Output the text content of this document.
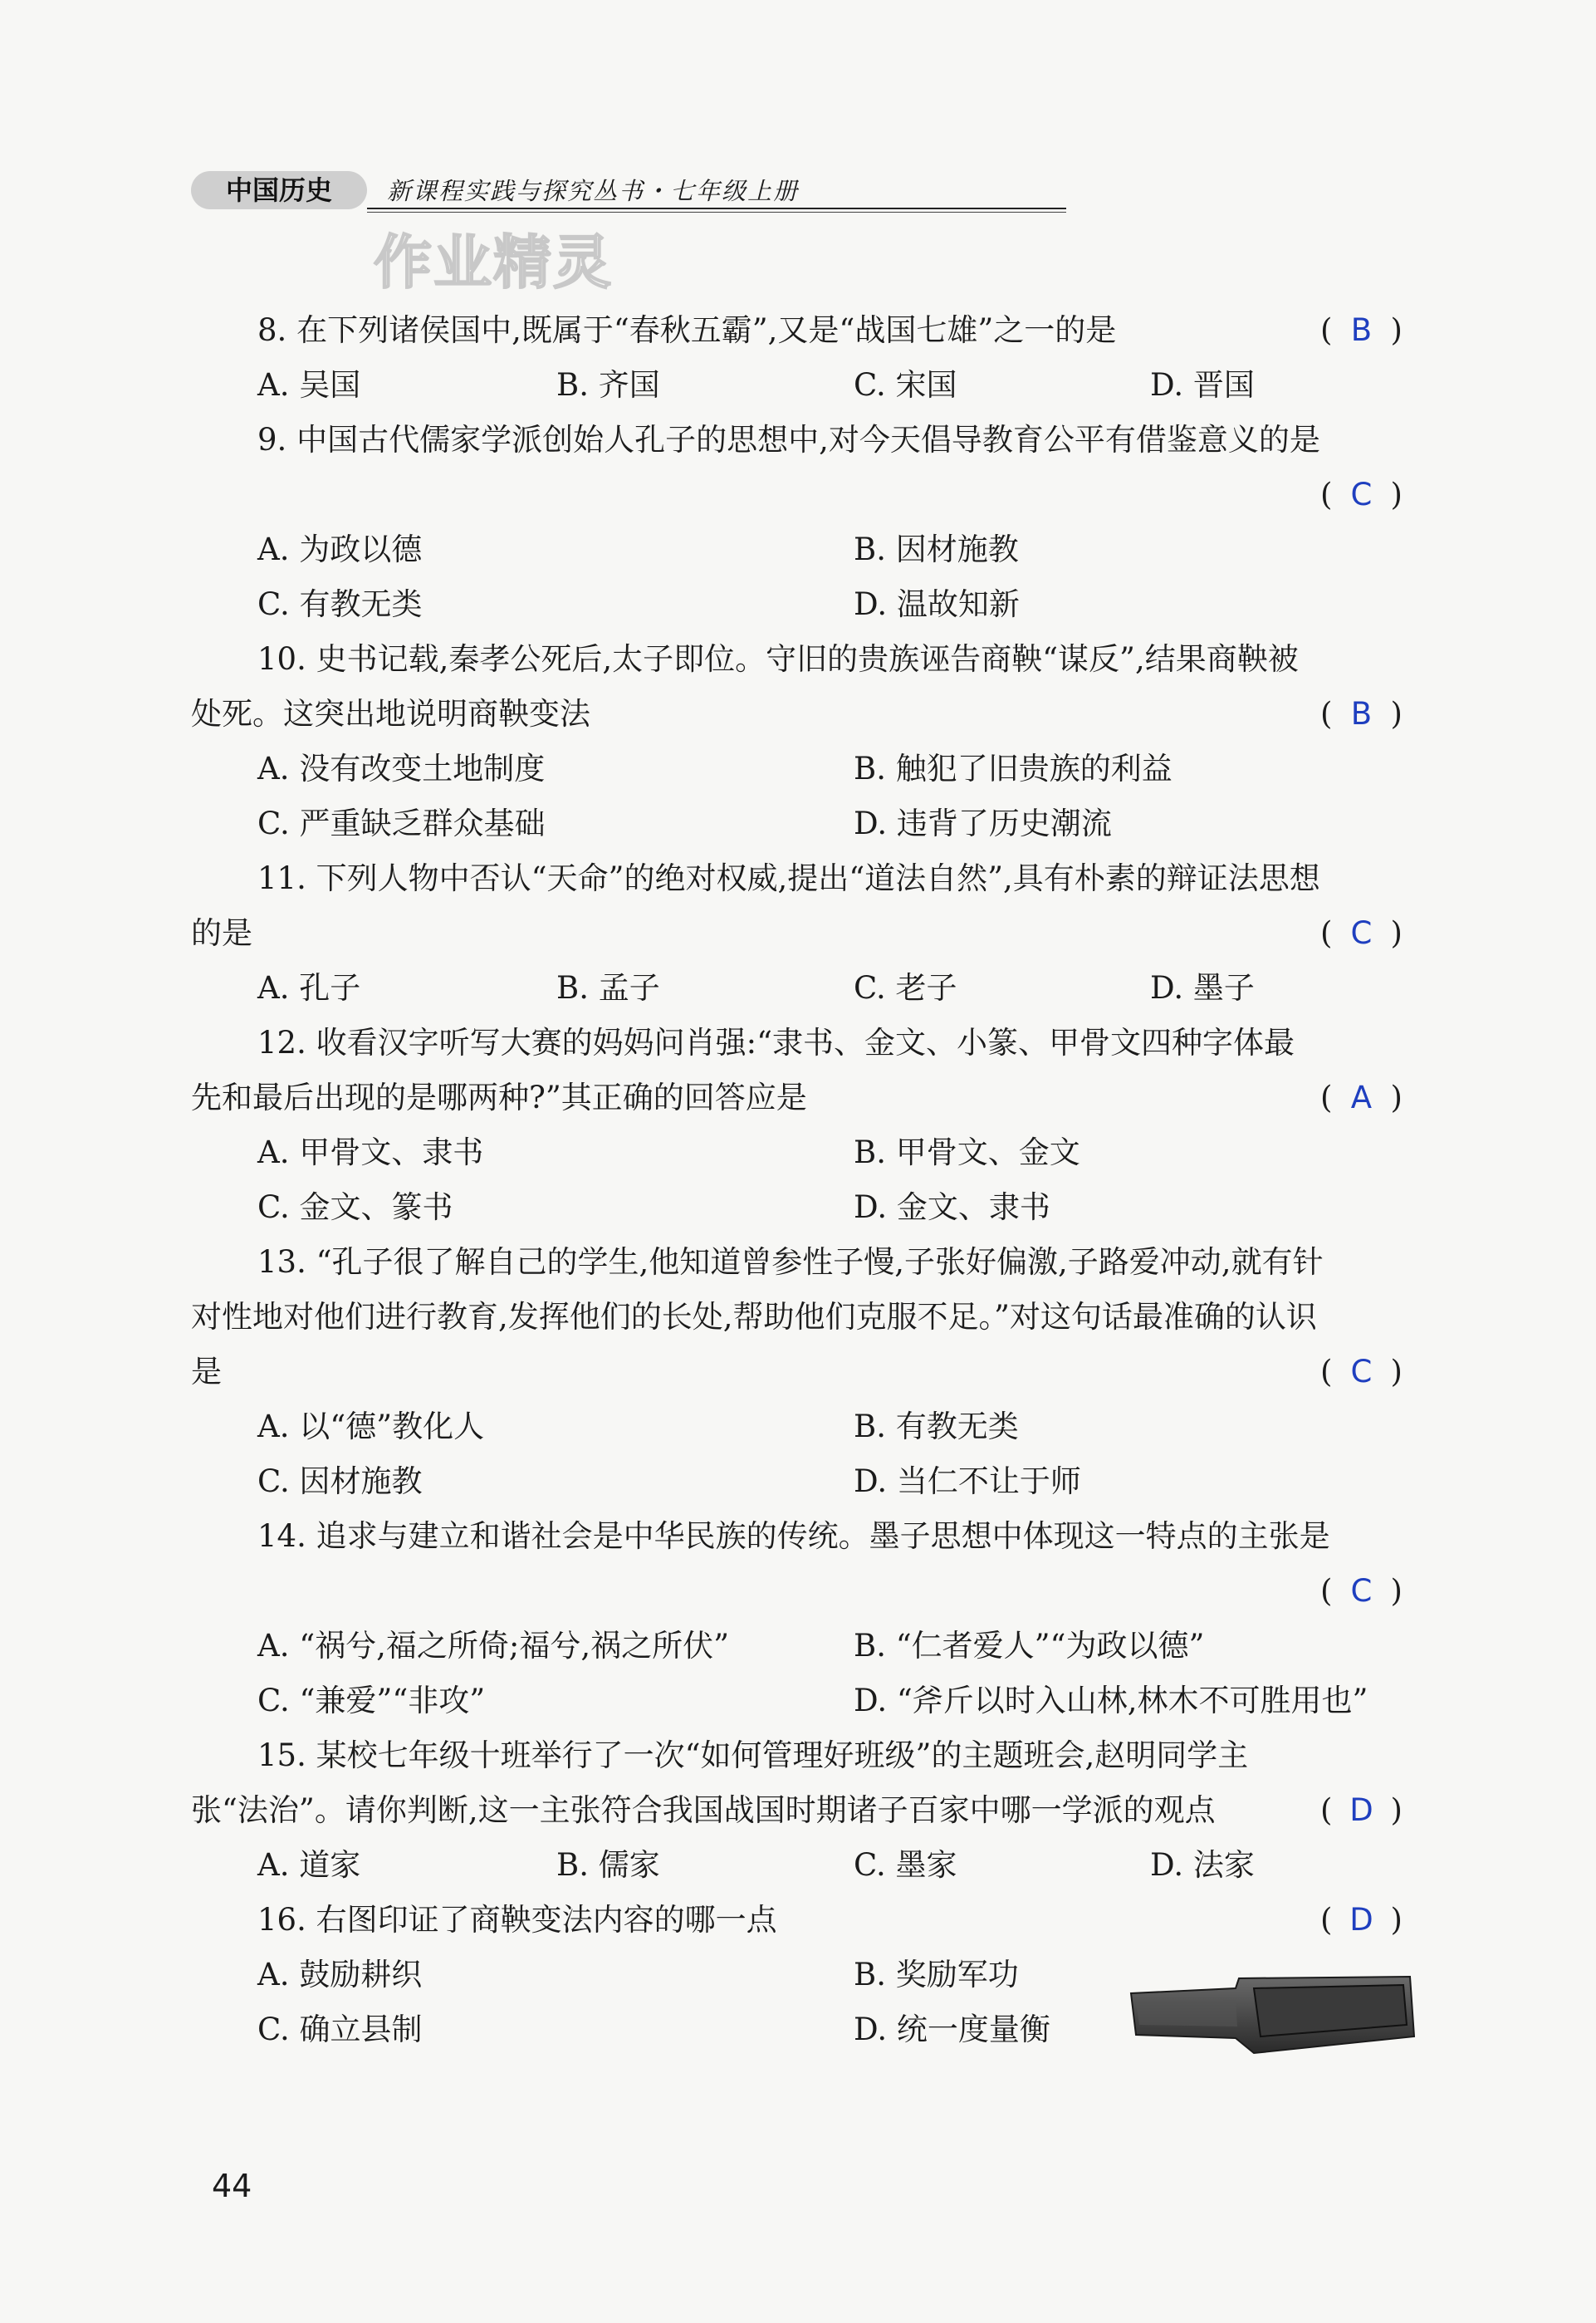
中国历史	新课程实践与探究丛书・七年级上册
作业精灵
8. 在下列诸侯国中,既属于“春秋五霸”,又是“战国七雄”之一的是	( B )
A. 吴国	B. 齐国	C. 宋国	D. 晋国
9. 中国古代儒家学派创始人孔子的思想中,对今天倡导教育公平有借鉴意义的是
( C )
A. 为政以德	B. 因材施教
C. 有教无类	D. 温故知新
10. 史书记载,秦孝公死后,太子即位。守旧的贵族诬告商鞅“谋反”,结果商鞅被处死。这突出地说明商鞅变法	( B )
A. 没有改变土地制度	B. 触犯了旧贵族的利益
C. 严重缺乏群众基础	D. 违背了历史潮流
11. 下列人物中否认“天命”的绝对权威,提出“道法自然”,具有朴素的辩证法思想的是	( C )
A. 孔子	B. 孟子	C. 老子	D. 墨子
12. 收看汉字听写大赛的妈妈问肖强:“隶书、金文、小篆、甲骨文四种字体最先和最后出现的是哪两种?”其正确的回答应是	( A )
A. 甲骨文、隶书	B. 甲骨文、金文
C. 金文、篆书	D. 金文、隶书
13. “孔子很了解自己的学生,他知道曾参性子慢,子张好偏激,子路爱冲动,就有针对性地对他们进行教育,发挥他们的长处,帮助他们克服不足。”对这句话最准确的认识是	( C )
A. 以“德”教化人	B. 有教无类
C. 因材施教	D. 当仁不让于师
14. 追求与建立和谐社会是中华民族的传统。墨子思想中体现这一特点的主张是
( C )
A. “祸兮,福之所倚;福兮,祸之所伏”	B. “仁者爱人”“为政以德”
C. “兼爱”“非攻”	D. “斧斤以时入山林,林木不可胜用也”
15. 某校七年级十班举行了一次“如何管理好班级”的主题班会,赵明同学主张“法治”。请你判断,这一主张符合我国战国时期诸子百家中哪一学派的观点	( D )
A. 道家	B. 儒家	C. 墨家	D. 法家
16. 右图印证了商鞅变法内容的哪一点	( D )
A. 鼓励耕织	B. 奖励军功
C. 确立县制	D. 统一度量衡
44
